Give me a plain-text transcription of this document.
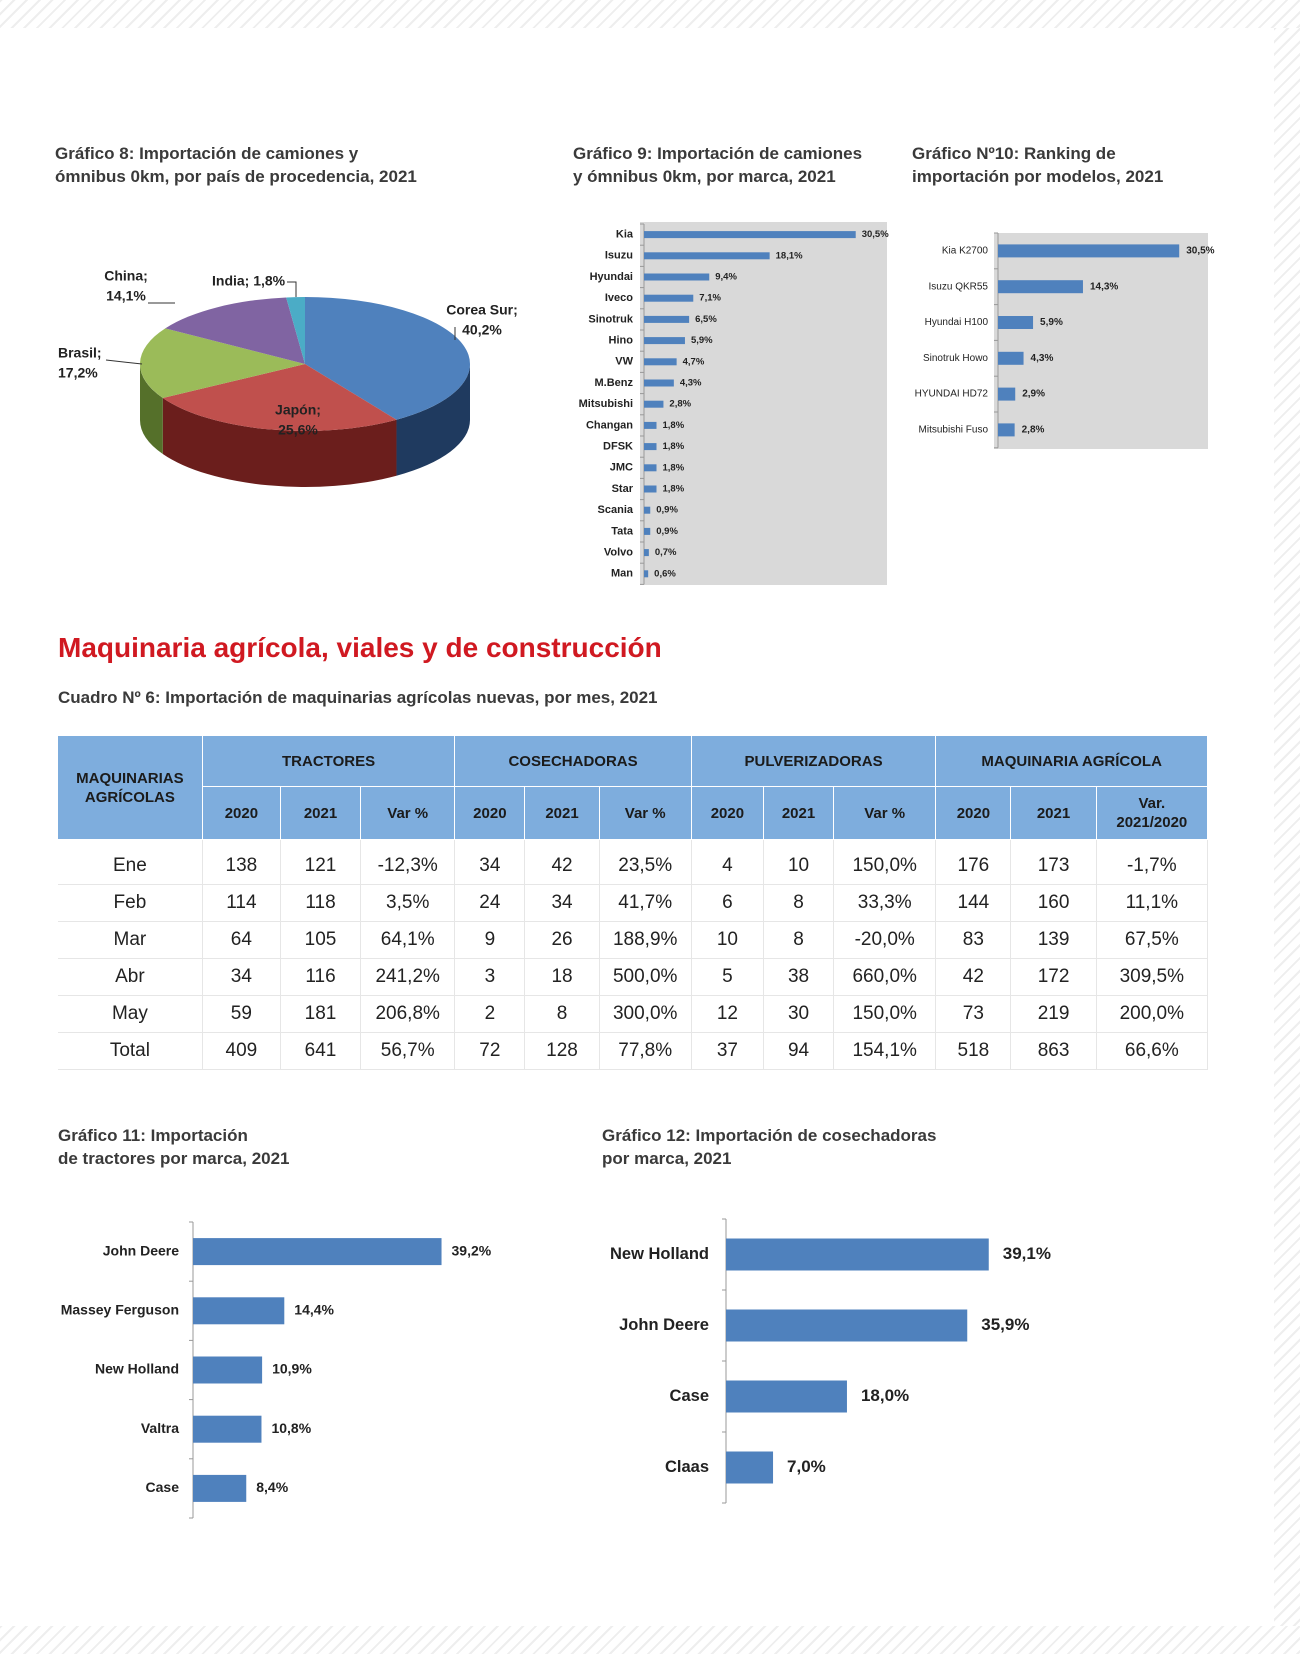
Gráfico 8: Importación de camiones y
ómnibus 0km, por país de procedencia, 2021
Gráfico 9: Importación de camiones
y ómnibus 0km, por marca, 2021
Gráfico Nº10: Ranking de
importación por modelos, 2021
Gráfico 11: Importación
de tractores por marca, 2021
Gráfico 12: Importación de cosechadoras
por marca, 2021
Corea Sur;
40,2%
Japón;
25,6%
Brasil;
17,2%
China;
14,1%
India; 1,8%
Kia	30,5%
Isuzu	18,1%
Hyundai	9,4%
Iveco	7,1%
Sinotruk	6,5%
Hino	5,9%
VW	4,7%
M.Benz	4,3%
Mitsubishi	2,8%
Changan	1,8%
DFSK	1,8%
JMC	1,8%
Star	1,8%
Scania 0,9%
Tata 0,9%
Volvo 0,7%
Man 0,6%
Kia K2700	30,5%
Isuzu QKR55	14,3%
Hyundai H100	5,9%
Sinotruk Howo	4,3%
HYUNDAI HD72	2,9%
Mitsubishi Fuso	2,8%
Maquinaria agrícola, viales y de construcción
Cuadro Nº 6: Importación de maquinarias agrícolas nuevas, por mes, 2021
MAQUINARIAS
AGRÍCOLAS	TRACTORES			COSECHADORAS			PULVERIZADORAS			MAQUINARIA AGRÍCOLA		
	2020	2021	Var %	2020	2021	Var %	2020	2021	Var %	2020	2021	Var. 2021/2020
Ene	138	121	-12,3%	34	42	23,5%	4	10	150,0%	176	173	-1,7%
Feb	114	118	3,5%	24	34	41,7%	6	8	33,3%	144	160	11,1%
Mar	64	105	64,1%	9	26	188,9%	10	8	-20,0%	83	139	67,5%
Abr	34	116	241,2%	3	18	500,0%	5	38	660,0%	42	172	309,5%
May	59	181	206,8%	2	8	300,0%	12	30	150,0%	73	219	200,0%
Total	409	641	56,7%	72	128	77,8%	37	94	154,1%	518	863	66,6%
John Deere	39,2%
Massey Ferguson	14,4%
New Holland	10,9%
Valtra	10,8%
Case	8,4%
New Holland	39,1%
John Deere	35,9%
Case	18,0%
Claas	7,0%
